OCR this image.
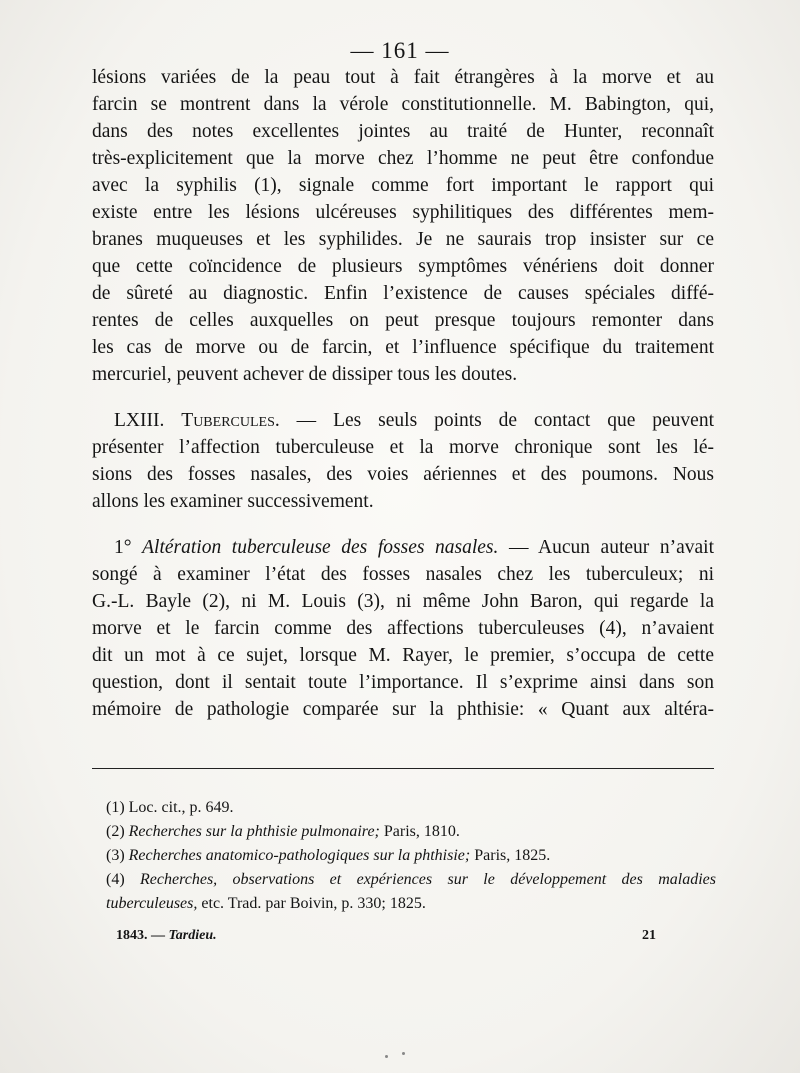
— 161 —
lésions variées de la peau tout à fait étrangères à la morve et au
farcin se montrent dans la vérole constitutionnelle. M. Babington, qui,
dans des notes excellentes jointes au traité de Hunter, reconnaît
très-explicitement que la morve chez l’homme ne peut être confondue
avec la syphilis (1), signale comme fort important le rapport qui
existe entre les lésions ulcéreuses syphilitiques des différentes mem-
branes muqueuses et les syphilides. Je ne saurais trop insister sur ce
que cette coïncidence de plusieurs symptômes vénériens doit donner
de sûreté au diagnostic. Enfin l’existence de causes spéciales diffé-
rentes de celles auxquelles on peut presque toujours remonter dans
les cas de morve ou de farcin, et l’influence spécifique du traitement
mercuriel, peuvent achever de dissiper tous les doutes.
LXIII. Tubercules. — Les seuls points de contact que peuvent
présenter l’affection tuberculeuse et la morve chronique sont les lé-
sions des fosses nasales, des voies aériennes et des poumons. Nous
allons les examiner successivement.
1° Altération tuberculeuse des fosses nasales. — Aucun auteur n’avait
songé à examiner l’état des fosses nasales chez les tuberculeux; ni
G.-L. Bayle (2), ni M. Louis (3), ni même John Baron, qui regarde la
morve et le farcin comme des affections tuberculeuses (4), n’avaient
dit un mot à ce sujet, lorsque M. Rayer, le premier, s’occupa de cette
question, dont il sentait toute l’importance. Il s’exprime ainsi dans son
mémoire de pathologie comparée sur la phthisie: « Quant aux altéra-
(1) Loc. cit., p. 649.
(2) Recherches sur la phthisie pulmonaire; Paris, 1810.
(3) Recherches anatomico-pathologiques sur la phthisie; Paris, 1825.
(4) Recherches, observations et expériences sur le développement des maladies
tuberculeuses, etc. Trad. par Boivin, p. 330; 1825.
1843. — Tardieu.	21
